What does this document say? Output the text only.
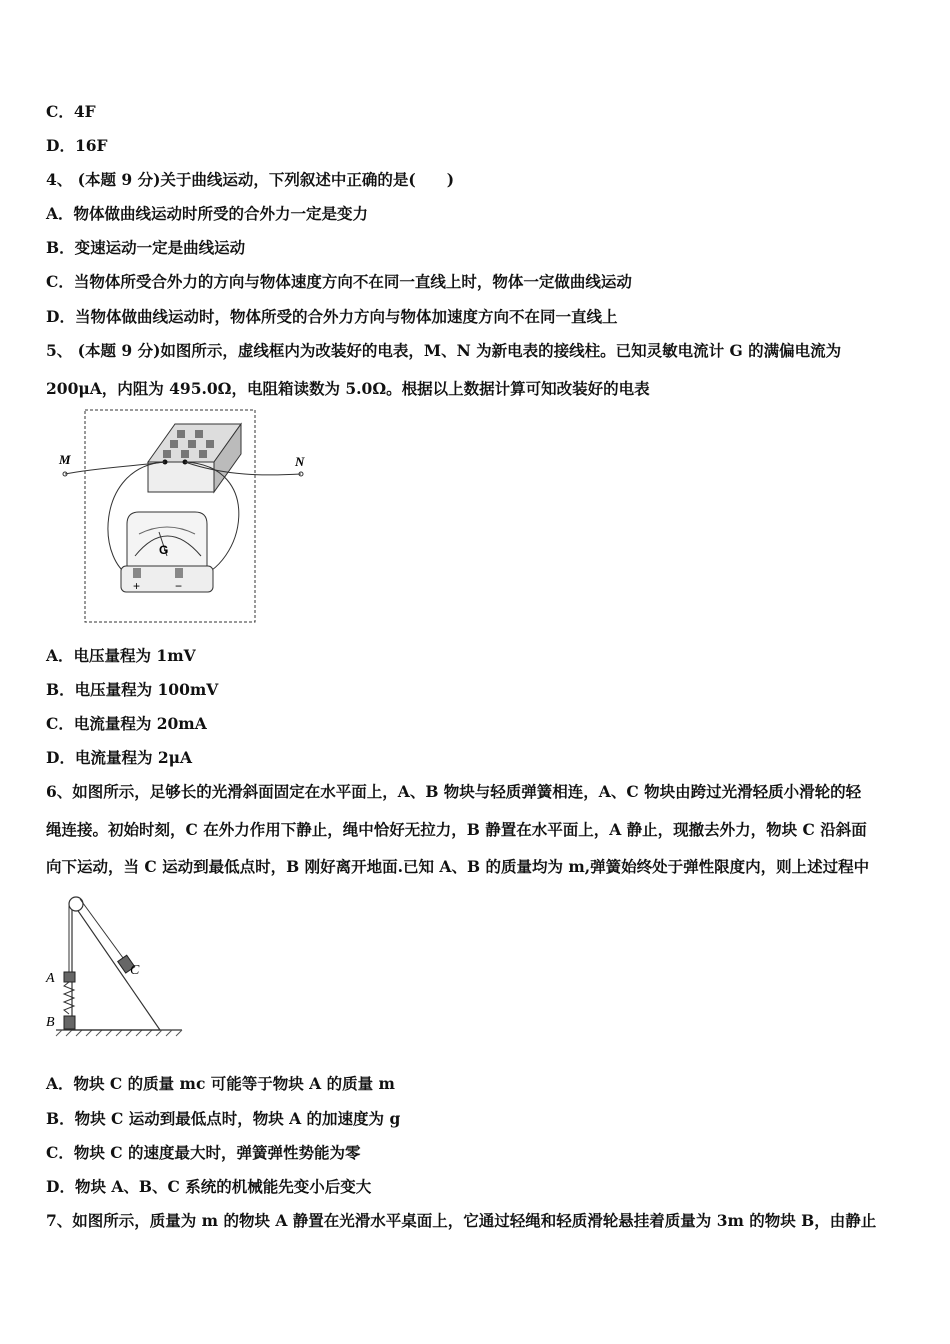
C．4F
D．16F
4、 (本题 9 分)关于曲线运动，下列叙述中正确的是(　　)
A．物体做曲线运动时所受的合外力一定是变力
B．变速运动一定是曲线运动
C．当物体所受合外力的方向与物体速度方向不在同一直线上时，物体一定做曲线运动
D．当物体做曲线运动时，物体所受的合外力方向与物体加速度方向不在同一直线上
5、 (本题 9 分)如图所示，虚线框内为改装好的电表，M、N 为新电表的接线柱。已知灵敏电流计 G 的满偏电流为
200μA，内阻为 495.0Ω，电阻箱读数为 5.0Ω。根据以上数据计算可知改装好的电表
M	N
G
+	−
A．电压量程为 1mV
B．电压量程为 100mV
C．电流量程为 20mA
D．电流量程为 2μA
6、如图所示，足够长的光滑斜面固定在水平面上，A、B 物块与轻质弹簧相连，A、C 物块由跨过光滑轻质小滑轮的轻
绳连接。初始时刻，C 在外力作用下静止，绳中恰好无拉力，B 静置在水平面上，A 静止，现撤去外力，物块 C 沿斜面
向下运动，当 C 运动到最低点时，B 刚好离开地面.已知 A、B 的质量均为 m,弹簧始终处于弹性限度内，则上述过程中
A
B
C
A．物块 C 的质量 mc 可能等于物块 A 的质量 m
B．物块 C 运动到最低点时，物块 A 的加速度为 g
C．物块 C 的速度最大时，弹簧弹性势能为零
D．物块 A、B、C 系统的机械能先变小后变大
7、如图所示，质量为 m 的物块 A 静置在光滑水平桌面上，它通过轻绳和轻质滑轮悬挂着质量为 3m 的物块 B，由静止
